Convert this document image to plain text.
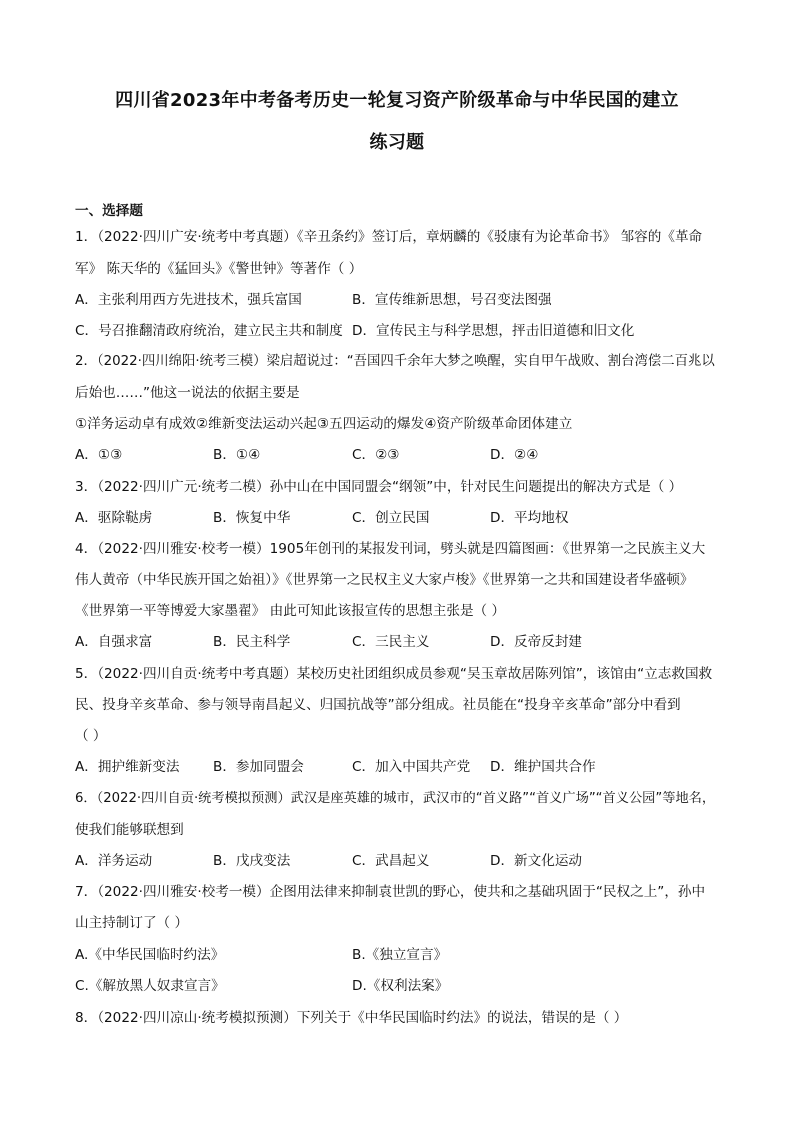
四川省2023年中考备考历史一轮复习资产阶级革命与中华民国的建立
练习题
一、选择题
1．（2022·四川广安·统考中考真题）《辛丑条约》签订后，章炳麟的《驳康有为论革命书》 邹容的《革命
军》 陈天华的《猛回头》《警世钟》等著作（ ）
A．主张利用西方先进技术，强兵富国	B．宣传维新思想，号召变法图强
C．号召推翻清政府统治，建立民主共和制度 D．宣传民主与科学思想，抨击旧道德和旧文化
2．（2022·四川绵阳·统考三模）梁启超说过：“吾国四千余年大梦之唤醒，实自甲午战败、割台湾偿二百兆以
后始也……”他这一说法的依据主要是
①洋务运动卓有成效②维新变法运动兴起③五四运动的爆发④资产阶级革命团体建立
A．①③	B．①④	C．②③	D．②④
3．（2022·四川广元·统考二模）孙中山在中国同盟会“纲领”中，针对民生问题提出的解决方式是（ ）
A．驱除鞑虏	B．恢复中华	C．创立民国	D．平均地权
4．（2022·四川雅安·校考一模）1905年创刊的某报发刊词，劈头就是四篇图画：《世界第一之民族主义大
伟人黄帝（中华民族开国之始祖）》《世界第一之民权主义大家卢梭》《世界第一之共和国建设者华盛顿》
《世界第一平等博爱大家墨翟》 由此可知此该报宣传的思想主张是（ ）
A．自强求富	B．民主科学	C．三民主义	D．反帝反封建
5．（2022·四川自贡·统考中考真题）某校历史社团组织成员参观“吴玉章故居陈列馆”，该馆由“立志救国救
民、投身辛亥革命、参与领导南昌起义、归国抗战等”部分组成。社员能在“投身辛亥革命”部分中看到
（ ）
A．拥护维新变法 B．参加同盟会	C．加入中国共产党 D．维护国共合作
6．（2022·四川自贡·统考模拟预测）武汉是座英雄的城市，武汉市的“首义路”“首义广场”“首义公园”等地名，
使我们能够联想到
A．洋务运动	B．戊戌变法	C．武昌起义	D．新文化运动
7．（2022·四川雅安·校考一模）企图用法律来抑制袁世凯的野心，使共和之基础巩固于“民权之上”，孙中
山主持制订了（ ）
A.《中华民国临时约法》	B.《独立宣言》
C.《解放黑人奴隶宣言》	D.《权利法案》
8．（2022·四川凉山·统考模拟预测）下列关于《中华民国临时约法》的说法，错误的是（ ）
